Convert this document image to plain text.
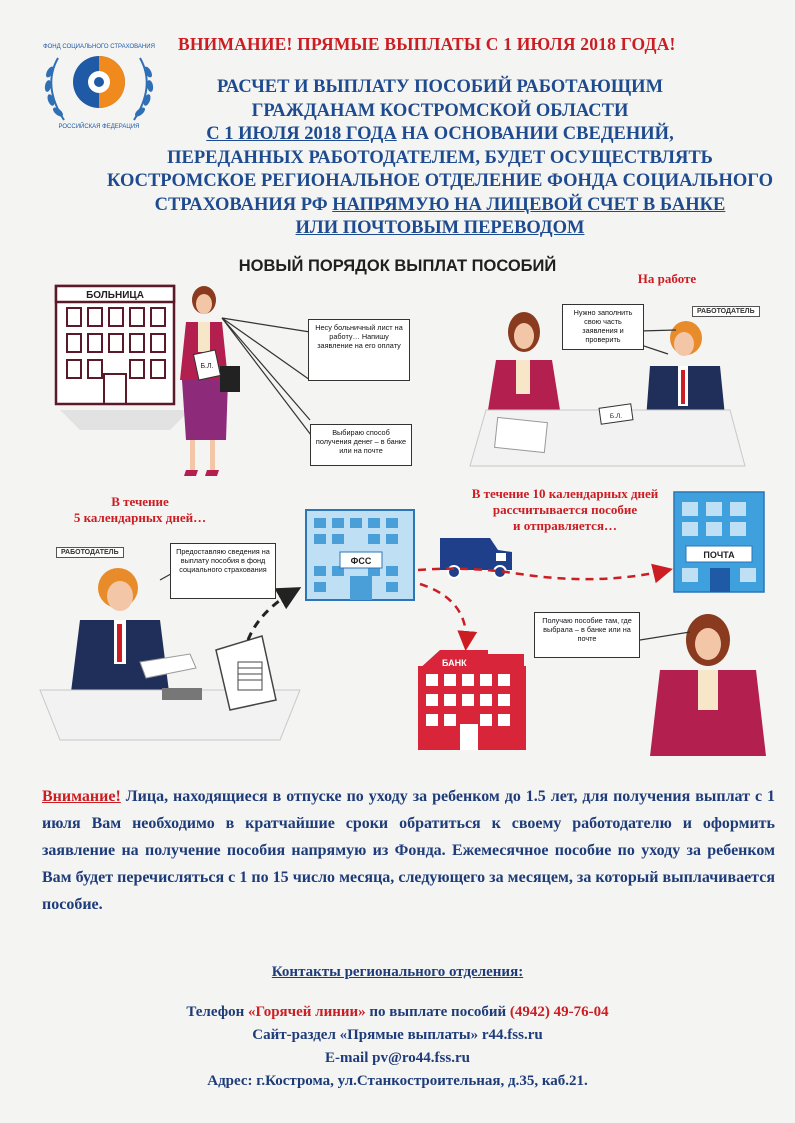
РОССИЙСКАЯ ФЕДЕРАЦИЯ
ФОНД СОЦИАЛЬНОГО СТРАХОВАНИЯ ВНИМАНИЕ! ПРЯМЫЕ ВЫПЛАТЫ С 1 ИЮЛЯ 2018 ГОДА!
РАСЧЕТ И ВЫПЛАТУ ПОСОБИЙ РАБОТАЮЩИМ
ГРАЖДАНАМ КОСТРОМСКОЙ ОБЛАСТИ
С 1 ИЮЛЯ 2018 ГОДА НА ОСНОВАНИИ СВЕДЕНИЙ,
ПЕРЕДАННЫХ РАБОТОДАТЕЛЕМ, БУДЕТ ОСУЩЕСТВЛЯТЬ
КОСТРОМСКОЕ РЕГИОНАЛЬНОЕ ОТДЕЛЕНИЕ ФОНДА СОЦИАЛЬНОГО
СТРАХОВАНИЯ РФ НАПРЯМУЮ НА ЛИЦЕВОЙ СЧЕТ В БАНКЕ
ИЛИ ПОЧТОВЫМ ПЕРЕВОДОМ
НОВЫЙ ПОРЯДОК ВЫПЛАТ ПОСОБИЙ
БОЛЬНИЦА
Б.Л.
Б.Л.
ФСС
ПОЧТА
БАНК
Несу больничный лист на работу… Напишу заявление на его оплату
Выбираю способ получения денег – в банке или на почте
На работе
Нужно заполнить свою часть заявления и проверить
РАБОТОДАТЕЛЬ
В течение
5 календарных дней…
РАБОТОДАТЕЛЬ	Предоставляю сведения на выплату пособия в фонд социального страхования
В течение 10 календарных дней
рассчитывается пособие
и отправляется…
Получаю пособие там, где выбрала – в банке или на почте
Внимание! Лица, находящиеся в отпуске по уходу за ребенком до 1.5 лет, для получения выплат с 1 июля Вам необходимо в кратчайшие сроки обратиться к своему работодателю и оформить заявление на получение пособия напрямую из Фонда. Ежемесячное пособие по уходу за ребенком Вам будет перечисляться с 1 по 15 число месяца, следующего за месяцем, за который выплачивается пособие.
Контакты регионального отделения:
Телефон «Горячей линии» по выплате пособий (4942) 49-76-04
Сайт-раздел «Прямые выплаты» r44.fss.ru
E-mail pv@ro44.fss.ru
Адрес: г.Кострома, ул.Станкостроительная, д.35, каб.21.
